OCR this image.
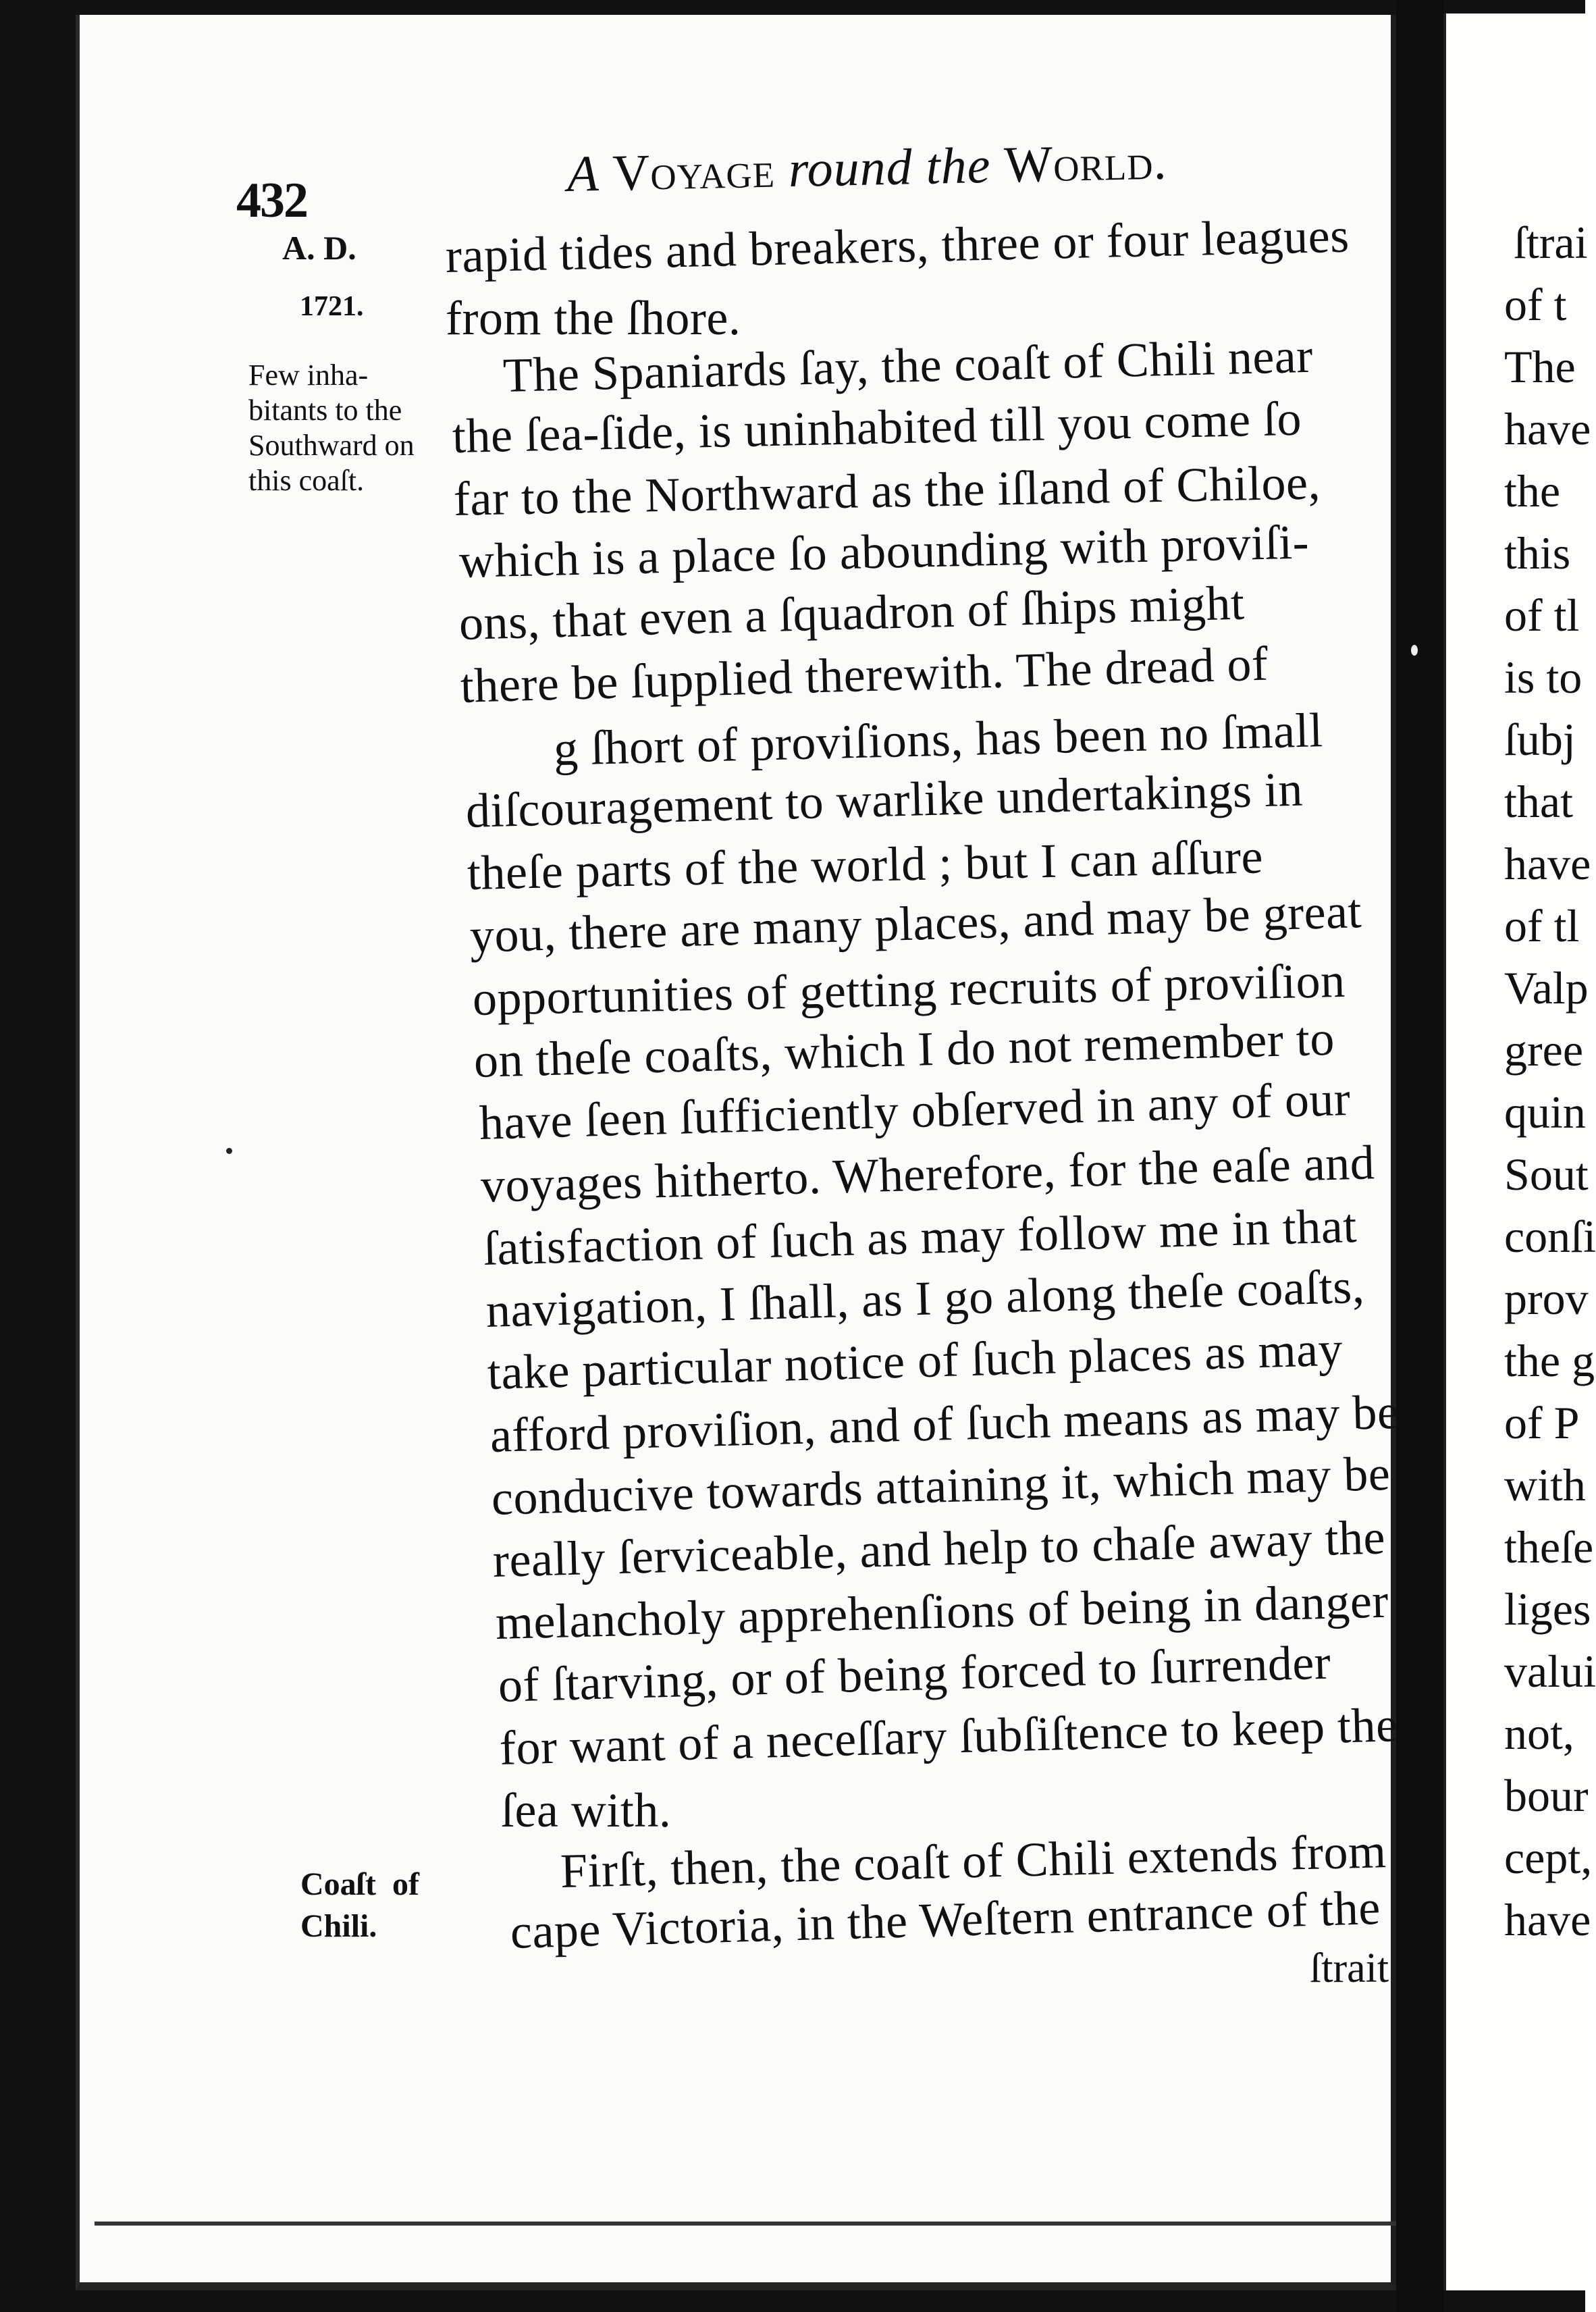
432	A Voyage round the World.
A. D.
1721.
Few inha-
bitants to the
Southward on
this coaſt.
Coaſt  of
Chili.
rapid tides and breakers, three or four leagues
from the ſhore.
The Spaniards ſay, the coaſt of Chili near
the ſea-ſide, is uninhabited till you come ſo
far to the Northward as the iſland of Chiloe,
which is a place ſo abounding with proviſi-
ons, that even a ſquadron of ſhips might
there be ſupplied therewith. The dread of
g ſhort of proviſions, has been no ſmall
diſcouragement to warlike undertakings in
theſe parts of the world ; but I can aſſure
you, there are many places, and may be great
opportunities of getting recruits of proviſion
on theſe coaſts, which I do not remember to
have ſeen ſufficiently obſerved in any of our
voyages hitherto. Wherefore, for the eaſe and
ſatisfaction of ſuch as may follow me in that
navigation, I ſhall, as I go along theſe coaſts,
take particular notice of ſuch places as may
afford proviſion, and of ſuch means as may be
conducive towards attaining it, which may be
really ſerviceable, and help to chaſe away the
melancholy apprehenſions of being in danger
of ſtarving, or of being forced to ſurrender
for want of a neceſſary ſubſiſtence to keep the
ſea with.
Firſt, then, the coaſt of Chili extends from
cape Victoria, in the Weſtern entrance of the
ſtrait
ſtrai
of t
The
have
the
this
of tl
is to
ſubj
that
have
of tl
Valp
gree
quin
Sout
conſi
prov
the g
of P
with
theſe
liges
valui
not,
bour
cept,
have
